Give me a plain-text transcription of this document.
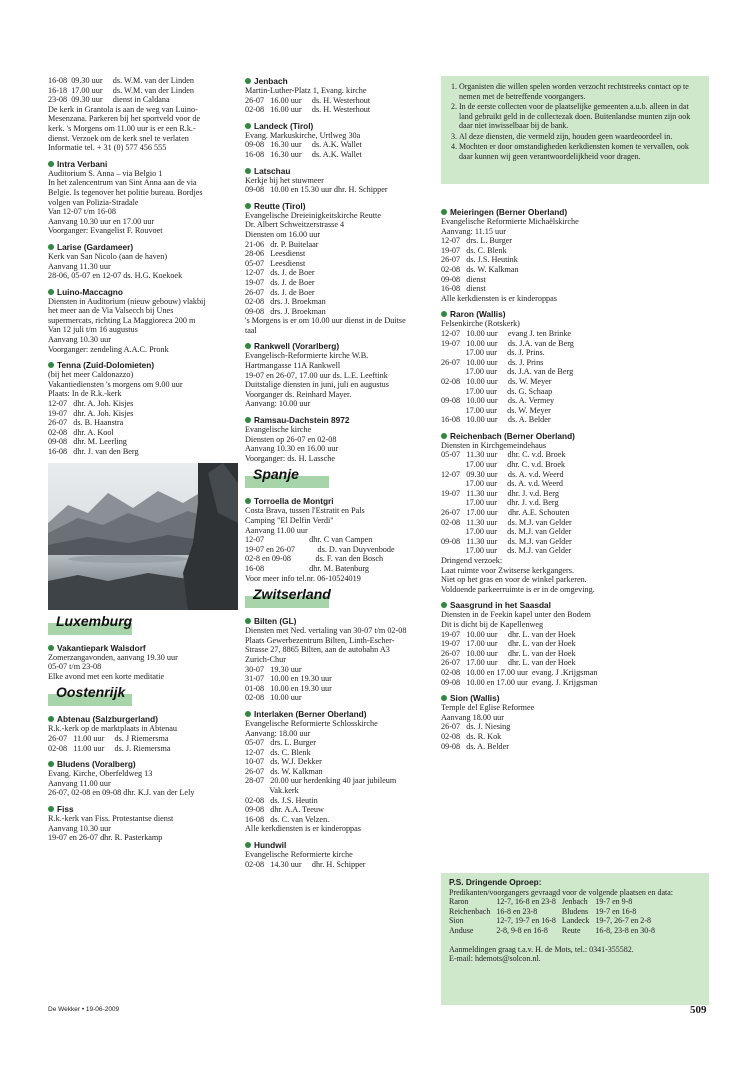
16-08  09.30 uur     ds. W.M. van der Linden
16-18  17.00 uur     ds. W.M. van der Linden
23-08  09.30 uur     dienst in Caldana
De kerk in Grantola is aan de weg van Luino-
Mesenzana. Parkeren bij het sportveld voor de
kerk. 's Morgens om 11.00 uur is er een R.k.-
dienst. Verzoek om de kerk snel te verlaten
Informatie tel. + 31 (0) 577 456 555
Intra Verbani
Auditorium S. Anna – via Belgio 1
In het zalencentrum van Sint Anna aan de via
Belgie. Is tegenover het politie bureau. Bordjes
volgen van Polizia-Stradale
Van 12-07 t/m 16-08
Aanvang 10.30 uur en 17.00 uur
Voorganger: Evangelist F. Rouvoet
Larise (Gardameer)
Kerk van San Nicolo (aan de haven)
Aanvang 11.30 uur
28-06, 05-07 en 12-07 ds. H.G. Koekoek
Luino-Maccagno
Diensten in Auditorium (nieuw gebouw) vlakbij
het meer aan de Via Valsecch bij Unes
supermercats, richting La Maggioreca 200 m
Van 12 juli t/m 16 augustus
Aanvang 10.30 uur
Voorganger: zendeling A.A.C. Pronk
Tenna (Zuid-Dolomieten)
(bij het meer Caldonazzo)
Vakantiediensten 's morgens om 9.00 uur
Plaats: In de R.k.-kerk
12-07   dhr. A. Joh. Kisjes
19-07   dhr. A. Joh. Kisjes
26-07   ds. B. Haanstra
02-08   dhr. A. Kool
09-08   dhr. M. Leerling
16-08   dhr. J. van den Berg
Luxemburg
Vakantiepark Walsdorf
Zomerzangavonden, aanvang 19.30 uur
05-07 t/m 23-08
Elke avond met een korte meditatie
Oostenrijk
Abtenau (Salzburgerland)
R.k.-kerk op de marktplaats in Abtenau
26-07   11.00 uur     ds. J Riemersma
02-08   11.00 uur     ds. J. Riemersma
Bludens (Voralberg)
Evang. Kirche, Oberfeldweg 13
Aanvang 11.00 uur
26-07, 02-08 en 09-08 dhr. K.J. van der Lely
Fiss
R.k.-kerk van Fiss. Protestantse dienst
Aanvang 10.30 uur
19-07 en 26-07 dhr. R. Pasterkamp
Jenbach
Martin-Luther-Platz 1, Evang. kirche
26-07   16.00 uur     ds. H. Westerhout
02-08   16.00 uur     ds. H. Westerhout
Landeck (Tirol)
Evang. Markuskirche, Urtlweg 30a
09-08   16.30 uur     ds. A.K. Wallet
16-08   16.30 uur     ds. A.K. Wallet
Latschau
Kerkje bij het stuwmeer
09-08   10.00 en 15.30 uur dhr. H. Schipper
Reutte (Tirol)
Evangelische Dreieinigkeitskirche Reutte
Dr. Albert Schweitzerstrasse 4
Diensten om 16.00 uur
21-06   dr. P. Buitelaar
28-06   Leesdienst
05-07   Leesdienst
12-07   ds. J. de Boer
19-07   ds. J. de Boer
26-07   ds. J. de Boer
02-08   drs. J. Broekman
09-08   drs. J. Broekman
's Morgens is er om 10.00 uur dienst in de Duitse
taal
Rankwell (Vorarlberg)
Evangelisch-Reformierte kirche W.B.
Hartmangasse 11A Rankwell
19-07 en 26-07, 17.00 uur ds. L.E. Leeftink
Duitstalige diensten in juni, juli en augustus
Voorganger ds. Reinhard Mayer.
Aanvang: 10.00 uur
Ramsau-Dachstein 8972
Evangelische kirche
Diensten op 26-07 en 02-08
Aanvang 10.30 en 16.00 uur
Voorganger: ds. H. Lassche
Spanje
Torroella de Montgri
Costa Brava, tussen l'Estratit en Pals
Camping "El Delfin Verdi"
Aanvang 11.00 uur
12-07                      dhr. C van Campen
19-07 en 26-07           ds. D. van Duyvenbode
02-8 en 09-08            ds. F. van den Bosch
16-08                      dhr. M. Batenburg
Voor meer info tel.nr. 06-10524019
Zwitserland
Bilten (GL)
Diensten met Ned. vertaling van 30-07 t/m 02-08
Plaats Gewerbezentrum Bilten, Linth-Escher-
Strasse 27, 8865 Bilten, aan de autobahn A3
Zurich-Chur
30-07   19.30 uur
31-07   10.00 en 19.30 uur
01-08   10.00 en 19.30 uur
02-08   10.00 uur
Interlaken (Berner Oberland)
Evangelische Reformierte Schlosskirche
Aanvang: 18.00 uur
05-07   drs. L. Burger
12-07   ds. C. Blenk
10-07   ds. W.J. Dekker
26-07   ds. W. Kalkman
28-07   20.00 uur herdenking 40 jaar jubileum
Vak.kerk
02-08   ds. J.S. Heutin
09-08   dhr. A.A. Teeuw
16-08   ds. C. van Velzen.
Alle kerkdiensten is er kinderoppas
Hundwil
Evangelische Reformierte kirche
02-08   14.30 uur     dhr. H. Schipper
1. Organisten die willen spelen worden verzocht rechtstreeks contact op te nemen met de betreffende voorgangers.
2. In de eerste collecten voor de plaatselijke gemeenten a.u.b. alleen in dat land gebruikt geld in de collectezak doen. Buitenlandse munten zijn ook daar niet inwisselbaar bij de bank.
3. Al deze diensten, die vermeld zijn, houden geen waardeoordeel in.
4. Mochten er door omstandigheden kerkdiensten komen te vervallen, ook daar kunnen wij geen verantwoordelijkheid voor dragen.
Meieringen (Berner Oberland)
Evangelische Reformierte Michaëlskirche
Aanvang: 11.15 uur
12-07   drs. L. Burger
19-07   ds. C. Blenk
26-07   ds. J.S. Heutink
02-08   ds. W. Kalkman
09-08   dienst
16-08   dienst
Alle kerkdiensten is er kinderoppas
Raron (Wallis)
Felsenkirche (Rotskerk)
12-07   10.00 uur     evang J. ten Brinke
19-07   10.00 uur     ds. J.A. van de Berg
17.00 uur     ds. J. Prins.
26-07   10.00 uur     ds. J. Prins
17.00 uur     ds. J.A. van de Berg
02-08   10.00 uur     ds. W. Meyer
17.00 uur     ds. G. Schaap
09-08   10.00 uur     ds. A. Vermey
17.00 uur     ds. W. Meyer
16-08   10.00 uur     ds. A. Belder
Reichenbach (Berner Oberland)
Diensten in Kirchgemeindehaus
05-07   11.30 uur     dhr. C. v.d. Broek
17.00 uur     dhr. C. v.d. Broek
12-07   09.30 uur     ds. A. v.d. Weerd
17.00 uur     ds. A. v.d. Weerd
19-07   11.30 uur     dhr. J. v.d. Berg
17.00 uur     dhr. J. v.d. Berg
26-07   17.00 uur     dhr. A.E. Schouten
02-08   11.30 uur     ds. M.J. van Gelder
17.00 uur     ds. M.J. van Gelder
09-08   11.30 uur     ds. M.J. van Gelder
17.00 uur     ds. M.J. van Gelder
Dringend verzoek:
Laat ruimte voor Zwitserse kerkgangers.
Niet op het gras en voor de winkel parkeren.
Voldoende parkeerruimte is er in de omgeving.
Saasgrund in het Saasdal
Diensten in de Feekin kapel unter den Bodem
Dit is dicht bij de Kapellenweg
19-07   10.00 uur     dhr. L. van der Hoek
19-07   17.00 uur     dhr. L. van der Hoek
26-07   10.00 uur     dhr. L. van der Hoek
26-07   17.00 uur     dhr. L. van der Hoek
02-08   10.00 en 17.00 uur  evang. J .Krijgsman
09-08   10.00 en 17.00 uur  evang. J. Krijgsman
Sion (Wallis)
Temple del Eglise Reformee
Aanvang 18.00 uur
26-07   ds. J. Niesing
02-08   ds. R. Kok
09-08   ds. A. Belder
P.S. Dringende Oproep:
Predikanten/voorgangers gevraagd voor de volgende plaatsen en data:
Raron	12-7, 16-8 en 23-8	Jenbach	19-7 en 9-8
Reichenbach	16-8 en 23-8	Bludens	19-7 en 16-8
Sion	12-7, 19-7 en 16-8	Landeck	19-7, 26-7 en 2-8
Anduse	2-8, 9-8 en 16-8	Reute	16-8, 23-8 en 30-8
Aanmeldingen graag t.a.v. H. de Mots, tel.: 0341-355582.
E-mail: hdemots@solcon.nl.
De Wekker • 19-06-2009	509
